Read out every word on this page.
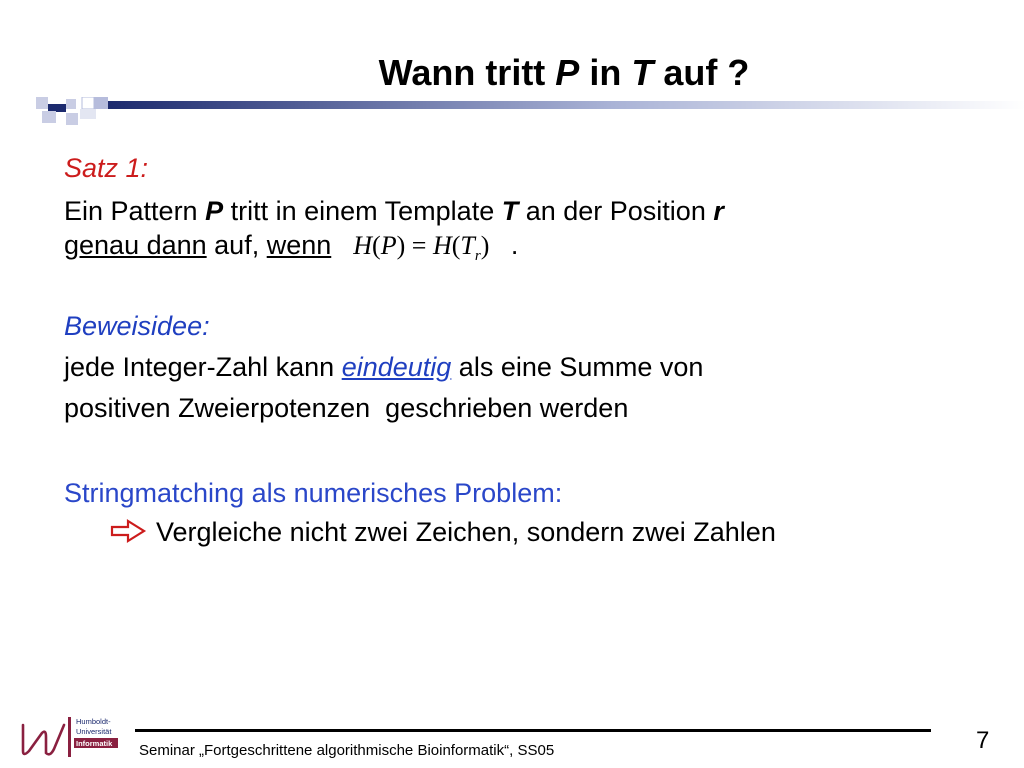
Wann tritt P in T auf ?
Satz 1:
Ein Pattern P tritt in einem Template T an der Position r
genau dann auf, wenn $H(P) = H(T_r)$ .
Beweisidee:
jede Integer-Zahl kann eindeutig als eine Summe von
positiven Zweierpotenzen  geschrieben werden
Stringmatching als numerisches Problem:
Vergleiche nicht zwei Zeichen, sondern zwei Zahlen
Humboldt-
Universität
Informatik Seminar „Fortgeschrittene algorithmische Bioinformatik“, SS05	7
